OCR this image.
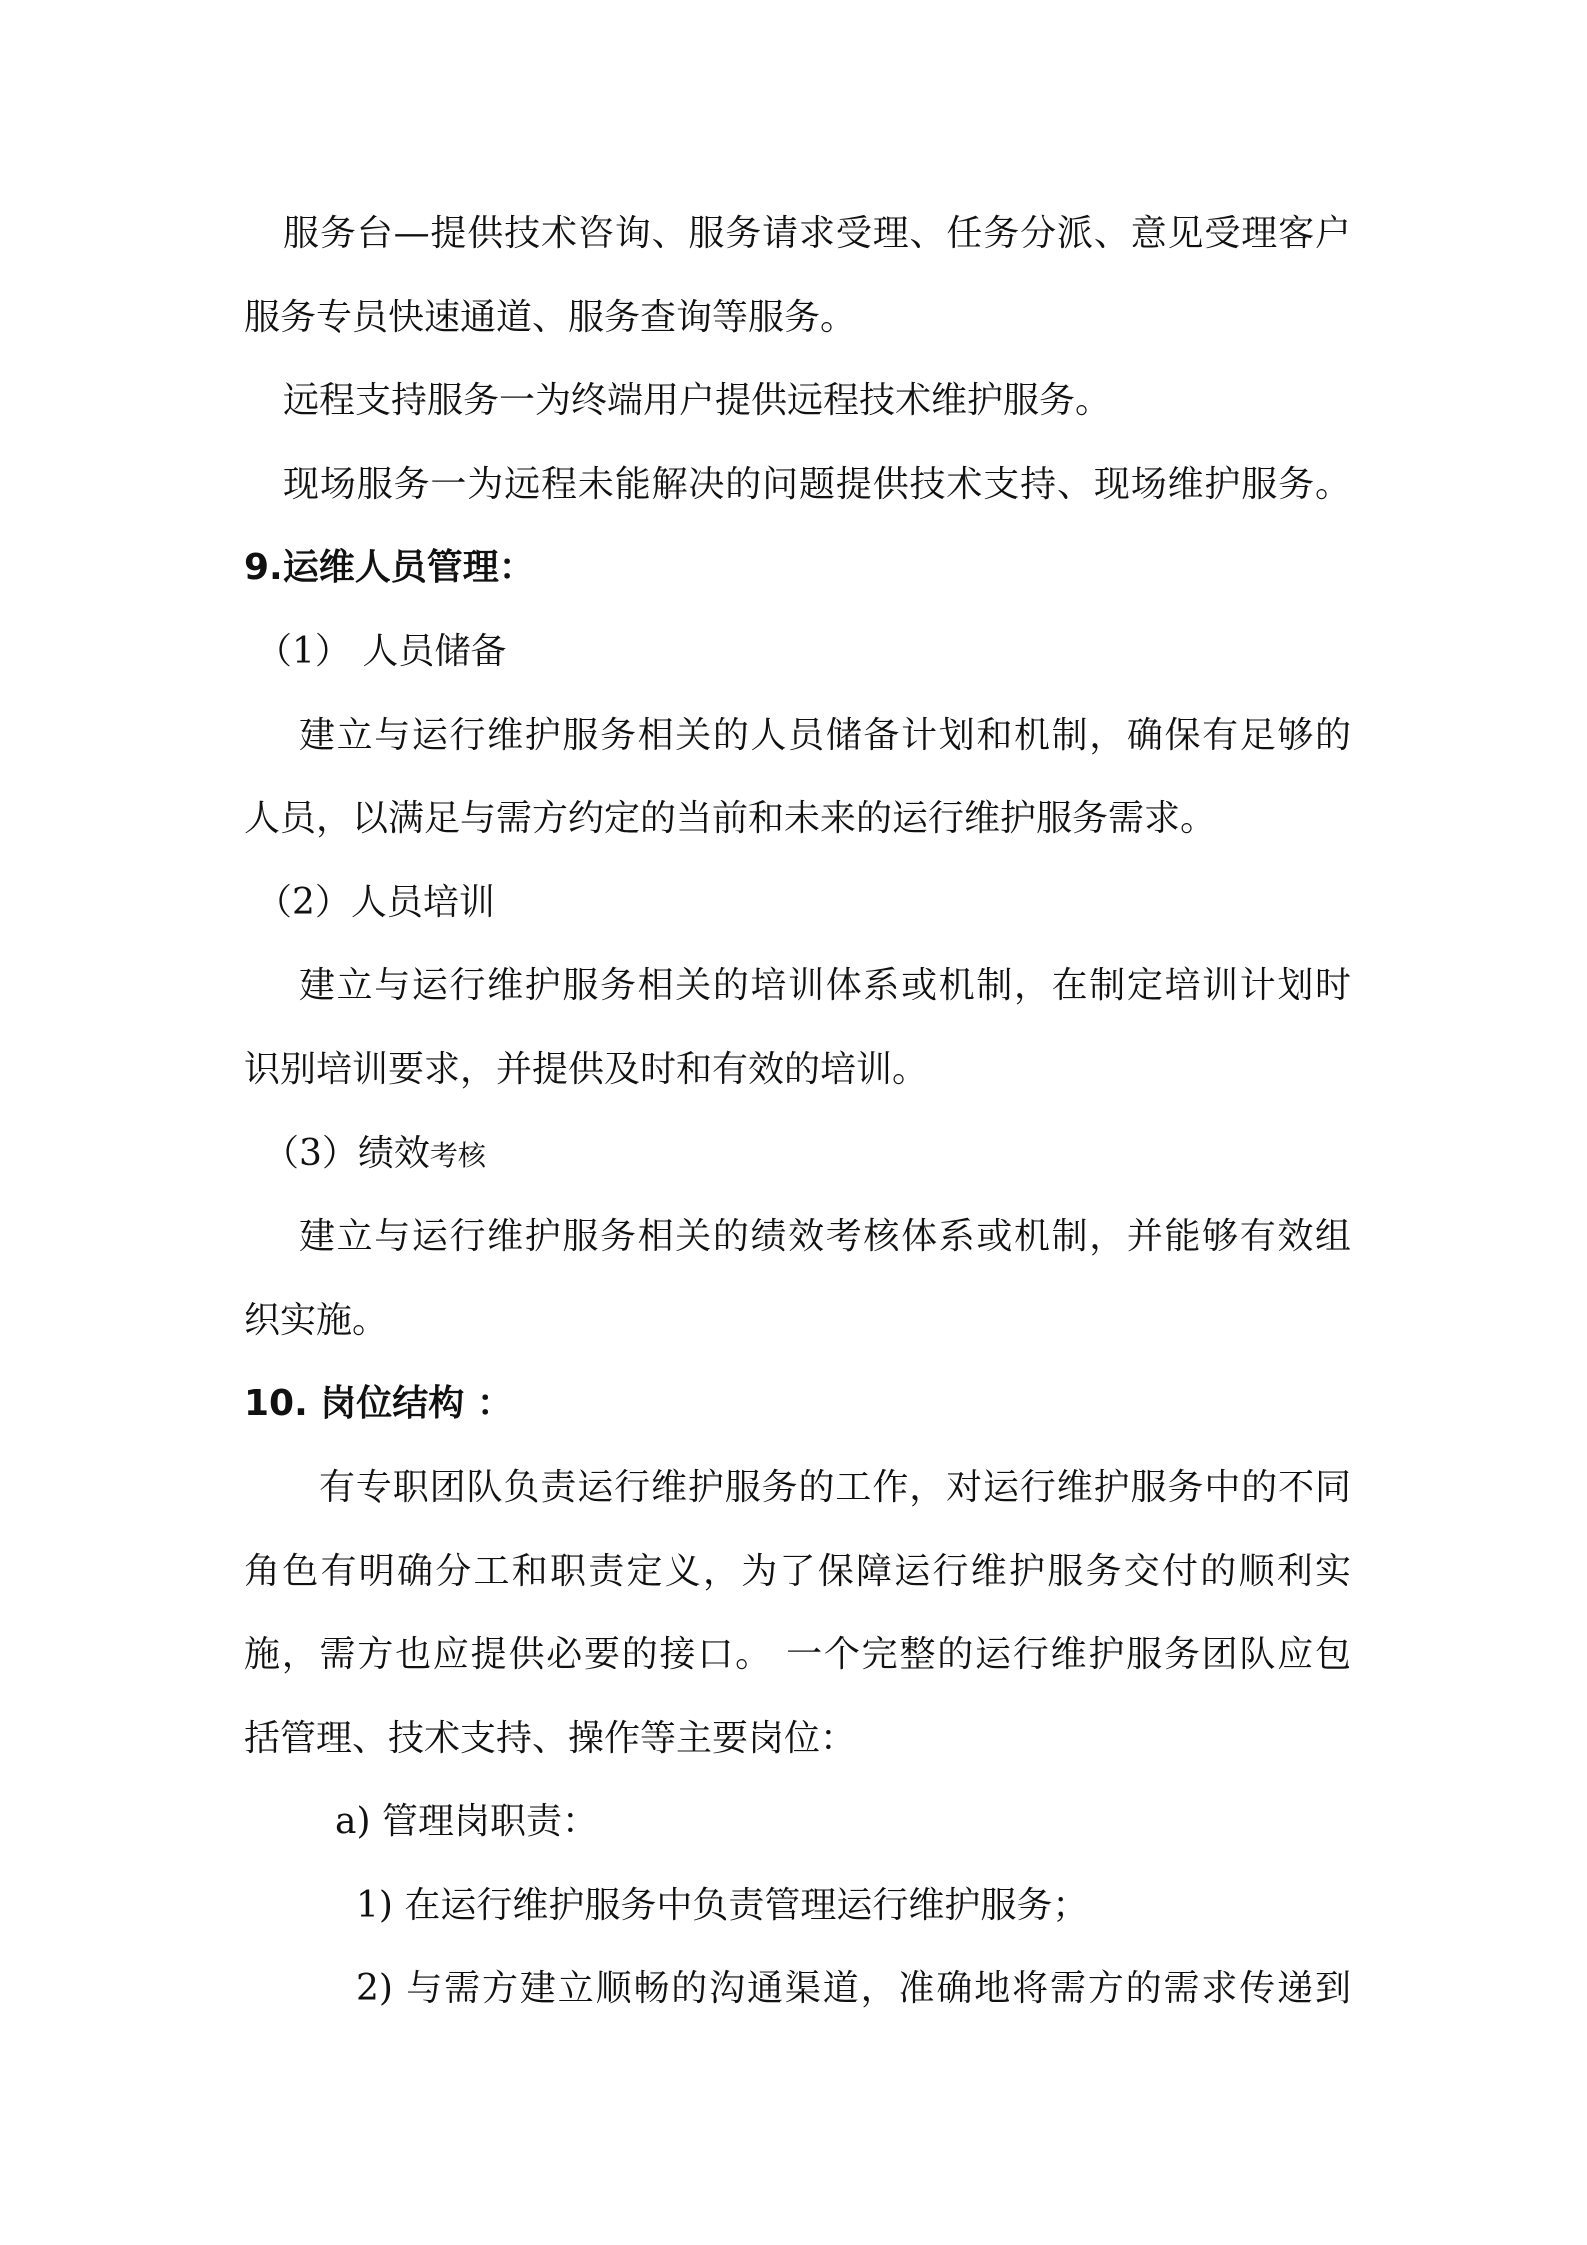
服务台—提供技术咨询、服务请求受理、任务分派、意见受理客户
服务专员快速通道、服务查询等服务。
远程支持服务一为终端用户提供远程技术维护服务。
现场服务一为远程未能解决的问题提供技术支持、现场维护服务。
9.运维人员管理：
（1） 人员储备
建立与运行维护服务相关的人员储备计划和机制，确保有足够的
人员，以满足与需方约定的当前和未来的运行维护服务需求。
（2）人员培训
建立与运行维护服务相关的培训体系或机制，在制定培训计划时
识别培训要求，并提供及时和有效的培训。
（3）绩效考核
建立与运行维护服务相关的绩效考核体系或机制，并能够有效组
织实施。
10. 岗位结构 ：
有专职团队负责运行维护服务的工作，对运行维护服务中的不同
角色有明确分工和职责定义，为了保障运行维护服务交付的顺利实
施，需方也应提供必要的接口。 一个完整的运行维护服务团队应包
括管理、技术支持、操作等主要岗位：
a) 管理岗职责：
1) 在运行维护服务中负责管理运行维护服务；
2) 与需方建立顺畅的沟通渠道，准确地将需方的需求传递到
